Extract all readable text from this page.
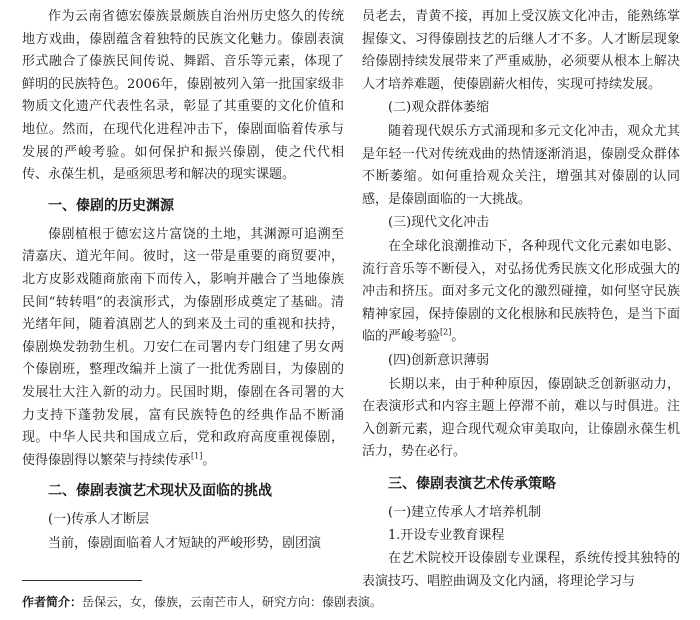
作为云南省德宏傣族景颇族自治州历史悠久的传统地方戏曲，傣剧蕴含着独特的民族文化魅力。傣剧表演形式融合了傣族民间传说、舞蹈、音乐等元素，体现了鲜明的民族特色。2006年，傣剧被列入第一批国家级非物质文化遗产代表性名录，彰显了其重要的文化价值和地位。然而，在现代化进程冲击下，傣剧面临着传承与发展的严峻考验。如何保护和振兴傣剧，使之代代相传、永葆生机，是亟须思考和解决的现实课题。

一、傣剧的历史渊源

傣剧植根于德宏这片富饶的土地，其渊源可追溯至清嘉庆、道光年间。彼时，这一带是重要的商贸要冲，北方皮影戏随商旅南下而传入，影响并融合了当地傣族民间“转转唱”的表演形式，为傣剧形成奠定了基础。清光绪年间，随着滇剧艺人的到来及土司的重视和扶持，傣剧焕发勃勃生机。刀安仁在司署内专门组建了男女两个傣剧班，整理改编并上演了一批优秀剧目，为傣剧的发展壮大注入新的动力。民国时期，傣剧在各司署的大力支持下蓬勃发展，富有民族特色的经典作品不断涌现。中华人民共和国成立后，党和政府高度重视傣剧，使得傣剧得以繁荣与持续传承[1]。

二、傣剧表演艺术现状及面临的挑战
(一)传承人才断层

当前，傣剧面临着人才短缺的严峻形势，剧团演

员老去，青黄不接，再加上受汉族文化冲击，能熟练掌握傣文、习得傣剧技艺的后继人才不多。人才断层现象给傣剧持续发展带来了严重威胁，必须要从根本上解决人才培养难题，使傣剧薪火相传，实现可持续发展。

(二)观众群体萎缩

随着现代娱乐方式涌现和多元文化冲击，观众尤其是年轻一代对传统戏曲的热情逐渐消退，傣剧受众群体不断萎缩。如何重拾观众关注，增强其对傣剧的认同感，是傣剧面临的一大挑战。

(三)现代文化冲击

在全球化浪潮推动下，各种现代文化元素如电影、流行音乐等不断侵入，对弘扬优秀民族文化形成强大的冲击和挤压。面对多元文化的激烈碰撞，如何坚守民族精神家园，保持傣剧的文化根脉和民族特色，是当下面临的严峻考验[2]。

(四)创新意识薄弱

长期以来，由于种种原因，傣剧缺乏创新驱动力，在表演形式和内容主题上停滞不前，难以与时俱进。注入创新元素，迎合现代观众审美取向，让傣剧永葆生机活力，势在必行。

三、傣剧表演艺术传承策略
(一)建立传承人才培养机制
1.开设专业教育课程

在艺术院校开设傣剧专业课程，系统传授其独特的表演技巧、唱腔曲调及文化内涵，将理论学习与

作者简介：岳保云，女，傣族，云南芒市人，研究方向：傣剧表演。
